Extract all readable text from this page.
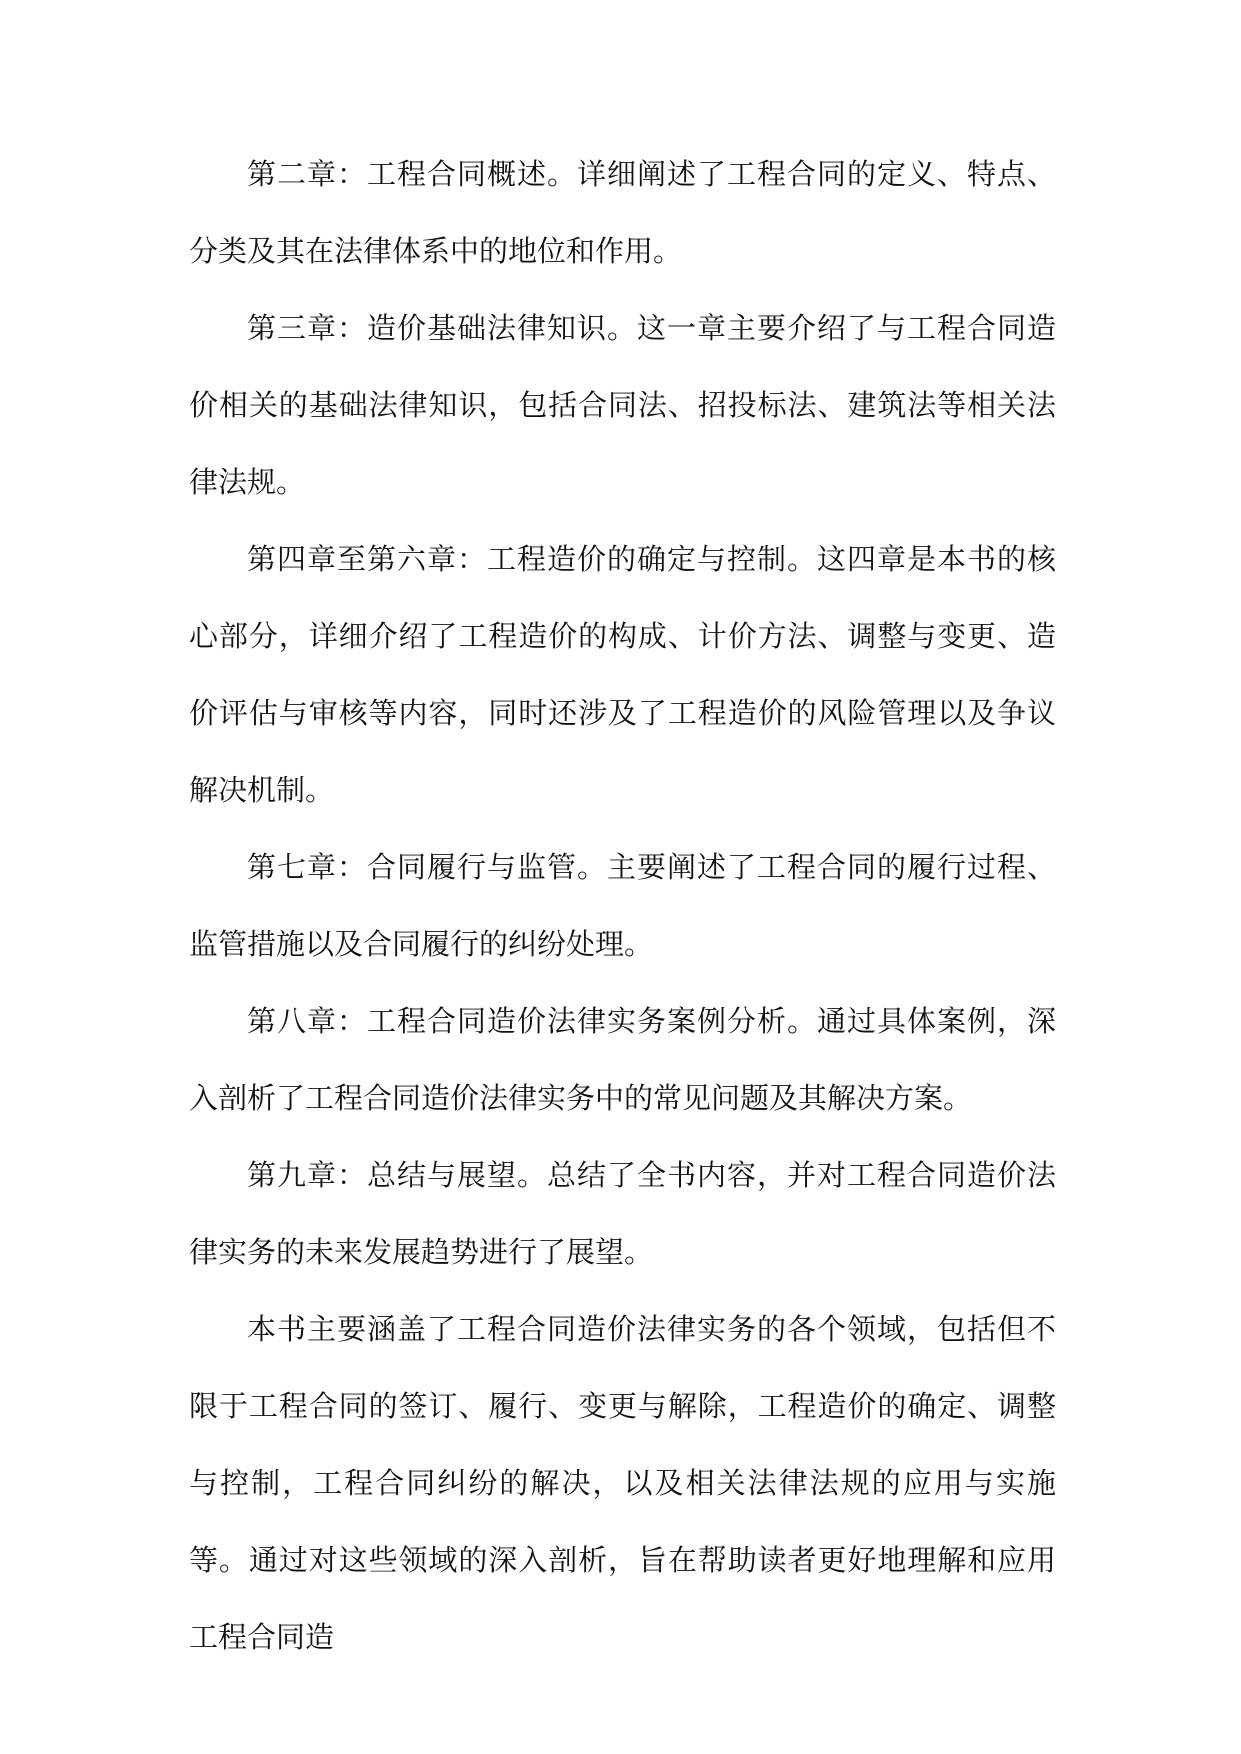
第二章：工程合同概述。详细阐述了工程合同的定义、特点、分类及其在法律体系中的地位和作用。

第三章：造价基础法律知识。这一章主要介绍了与工程合同造价相关的基础法律知识，包括合同法、招投标法、建筑法等相关法律法规。

第四章至第六章：工程造价的确定与控制。这四章是本书的核心部分，详细介绍了工程造价的构成、计价方法、调整与变更、造价评估与审核等内容，同时还涉及了工程造价的风险管理以及争议解决机制。

第七章：合同履行与监管。主要阐述了工程合同的履行过程、监管措施以及合同履行的纠纷处理。

第八章：工程合同造价法律实务案例分析。通过具体案例，深入剖析了工程合同造价法律实务中的常见问题及其解决方案。

第九章：总结与展望。总结了全书内容，并对工程合同造价法律实务的未来发展趋势进行了展望。

本书主要涵盖了工程合同造价法律实务的各个领域，包括但不限于工程合同的签订、履行、变更与解除，工程造价的确定、调整与控制，工程合同纠纷的解决，以及相关法律法规的应用与实施等。通过对这些领域的深入剖析，旨在帮助读者更好地理解和应用工程合同造
